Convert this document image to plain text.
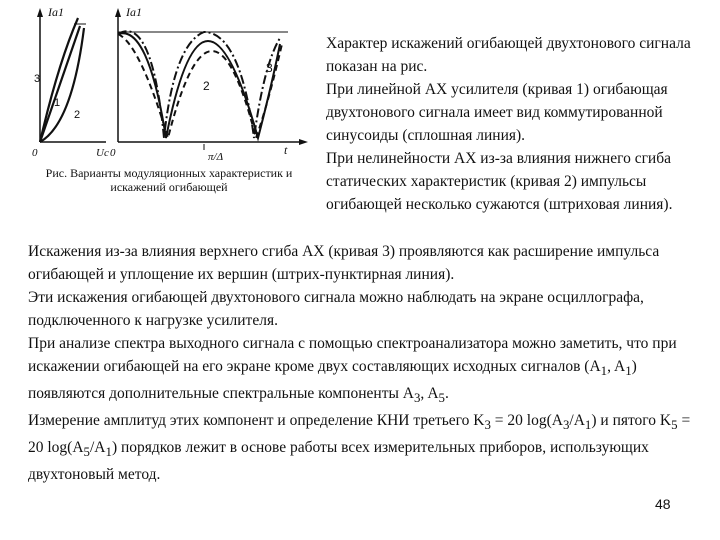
Iа1
Uс
0
3
1
2
Iа1
0	t
π/Δ
2
3
Рис. Варианты модуляционных характеристик и искажений огибающей

Характер искажений огибающей двухтонового сигнала показан на рис.

При линейной АХ усилителя (кривая 1) огибающая двухтонового сигнала имеет вид коммутированной синусоиды (сплошная линия).

При нелинейности АХ из-за влияния нижнего сгиба статических характеристик (кривая 2) импульсы огибающей несколько сужаются (штриховая линия).

Искажения из-за влияния верхнего сгиба АХ (кривая 3) проявляются как расширение импульса огибающей и уплощение их вершин (штрих-пунктирная линия).

Эти искажения огибающей двухтонового сигнала можно наблюдать на экране осциллографа, подключенного к нагрузке усилителя.

При анализе спектра выходного сигнала с помощью спектроанализатора можно заметить, что при искажении огибающей на его экране кроме двух составляющих исходных сигналов ($A_1$, $A_1$) появляются дополнительные спектральные компоненты $A_3$, $A_5$.

Измерение амплитуд этих компонент и определение КНИ третьего $K_3 = 20$ $\log(A_3/A_1)$ и пятого $K_5 = 20$ $\log(A_5/A_1)$ порядков лежит в основе работы всех измерительных приборов, использующих двухтоновый метод.

48
